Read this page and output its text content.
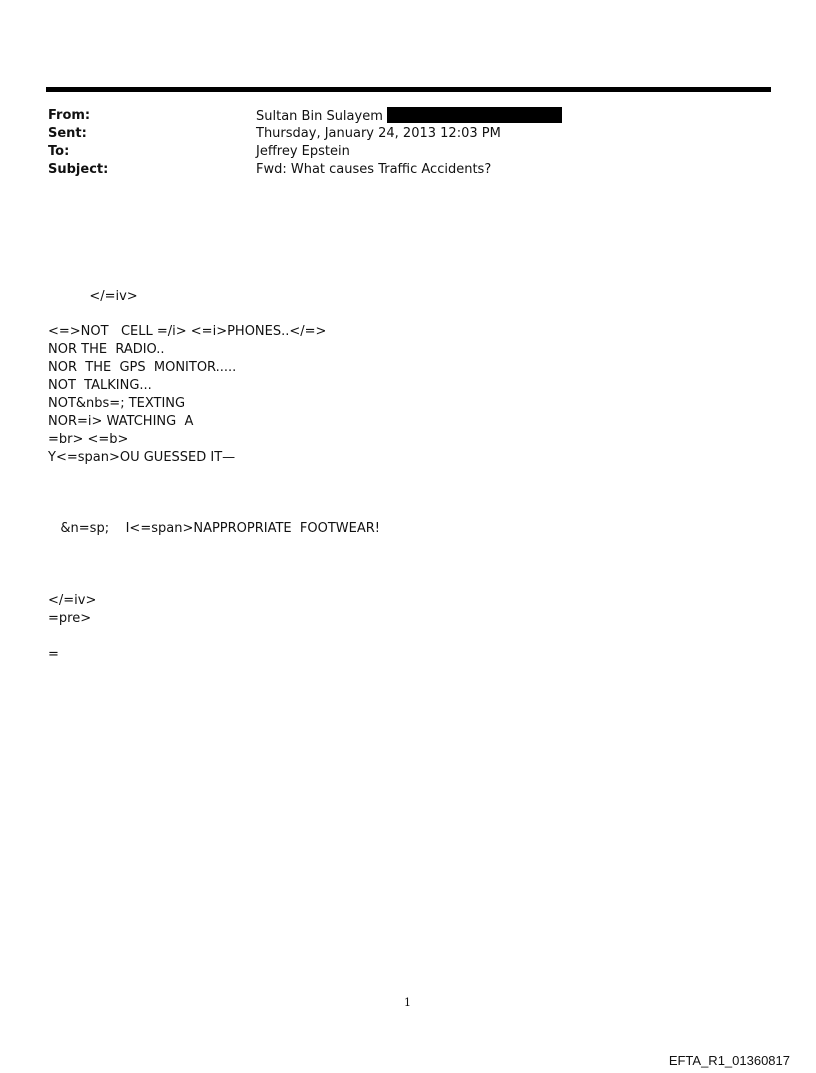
From:	Sultan Bin Sulayem
Sent:	Thursday, January 24, 2013 12:03 PM
To:	Jeffrey Epstein
Subject:	Fwd: What causes Traffic Accidents?
</=iv>
<=>NOT   CELL =/i> <=i>PHONES..</=>
NOR THE  RADIO..
NOR  THE  GPS  MONITOR.....
NOT  TALKING...
NOT&nbs=; TEXTING
NOR=i> WATCHING  A
=br> <=b>
Y<=span>OU GUESSED IT—
&n=sp;    I<=span>NAPPROPRIATE  FOOTWEAR!
</=iv>
=pre>
=
1
EFTA_R1_01360817
